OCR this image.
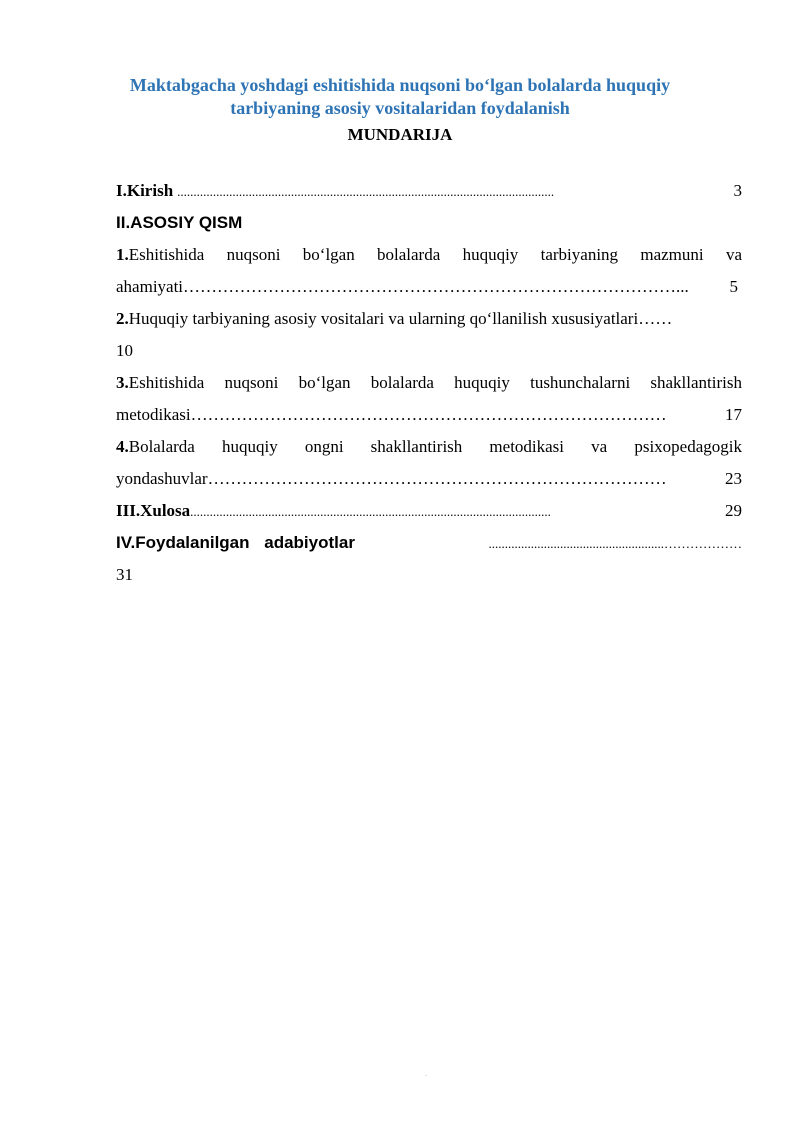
Maktabgacha yoshdagi eshitishida nuqsoni bo‘lgan bolalarda huquqiy
tarbiyaning asosiy vositalaridan foydalanish
MUNDARIJA
I.Kirish ....................................................................................................................	3
II.ASOSIY QISM
1.Eshitishida nuqsoni bo‘lgan bolalarda huquqiy tarbiyaning mazmuni va
ahamiyati ……………………………………………………………………………...	5
2.Huquqiy tarbiyaning asosiy vositalari va ularning qo‘llanilish xususiyatlari……
10
3.Eshitishida nuqsoni bo‘lgan bolalarda huquqiy tushunchalarni shakllantirish
metodikasi …………………………………………………………………………	17
4.Bolalarda huquqiy ongni shakllantirish metodikasi va psixopedagogik
yondashuvlar ………………………………………………………………………	23
III.Xulosa ...............................................................................................................	29
IV.Foydalanilgan adabiyotlar	......................................................………………
31
.
